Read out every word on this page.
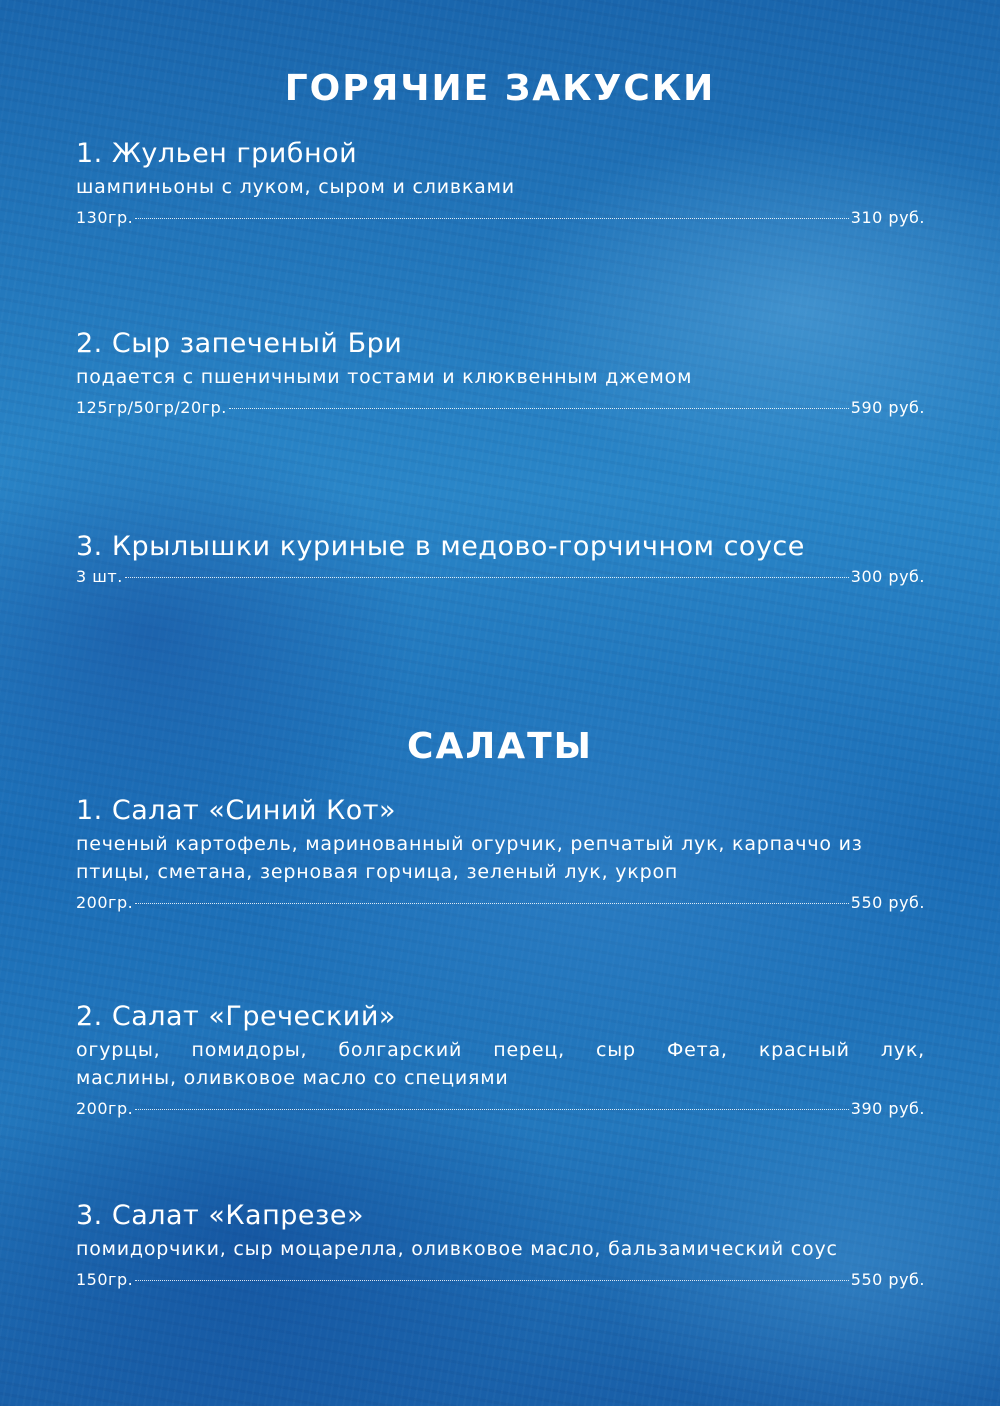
ГОРЯЧИЕ ЗАКУСКИ
1. Жульен грибной
шампиньоны с луком, сыром и сливками
130гр.	310 руб.
2. Сыр запеченый Бри
подается с пшеничными тостами и клюквенным джемом
125гр/50гр/20гр.	590 руб.
3. Крылышки куриные в медово-горчичном соусе
3 шт.	300 руб.
САЛАТЫ
1. Салат «Синий Кот»
печеный картофель, маринованный огурчик, репчатый лук, карпаччо из птицы, сметана, зерновая горчица, зеленый лук, укроп
200гр.	550 руб.
2. Салат «Греческий»
огурцы, помидоры, болгарский перец, сыр Фета, красный лук,
маслины, оливковое масло со специями
200гр.	390 руб.
3. Салат «Капрезе»
помидорчики, сыр моцарелла, оливковое масло, бальзамический соус
150гр.	550 руб.
